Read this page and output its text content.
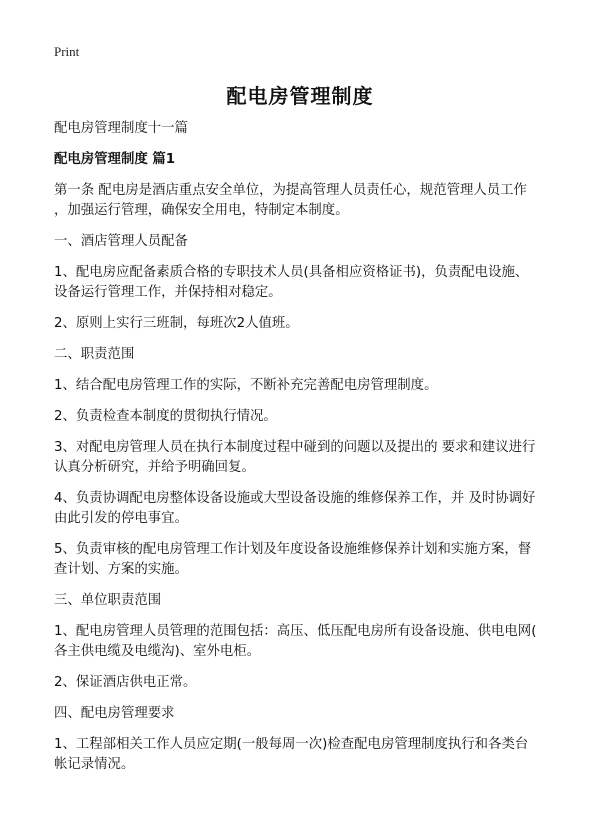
Print
配电房管理制度
配电房管理制度十一篇
配电房管理制度 篇1
第一条 配电房是酒店重点安全单位，为提高管理人员责任心，规范管理人员工作
，加强运行管理，确保安全用电，特制定本制度。
一、酒店管理人员配备
1、配电房应配备素质合格的专职技术人员(具备相应资格证书)，负责配电设施、
设备运行管理工作，并保持相对稳定。
2、原则上实行三班制，每班次2人值班。
二、职责范围
1、结合配电房管理工作的实际，不断补充完善配电房管理制度。
2、负责检查本制度的贯彻执行情况。
3、对配电房管理人员在执行本制度过程中碰到的问题以及提出的 要求和建议进行
认真分析研究，并给予明确回复。
4、负责协调配电房整体设备设施或大型设备设施的维修保养工作，并 及时协调好
由此引发的停电事宜。
5、负责审核的配电房管理工作计划及年度设备设施维修保养计划和实施方案，督
查计划、方案的实施。
三、单位职责范围
1、配电房管理人员管理的范围包括：高压、低压配电房所有设备设施、供电电网(
各主供电缆及电缆沟)、室外电柜。
2、保证酒店供电正常。
四、配电房管理要求
1、工程部相关工作人员应定期(一般每周一次)检查配电房管理制度执行和各类台
帐记录情况。
